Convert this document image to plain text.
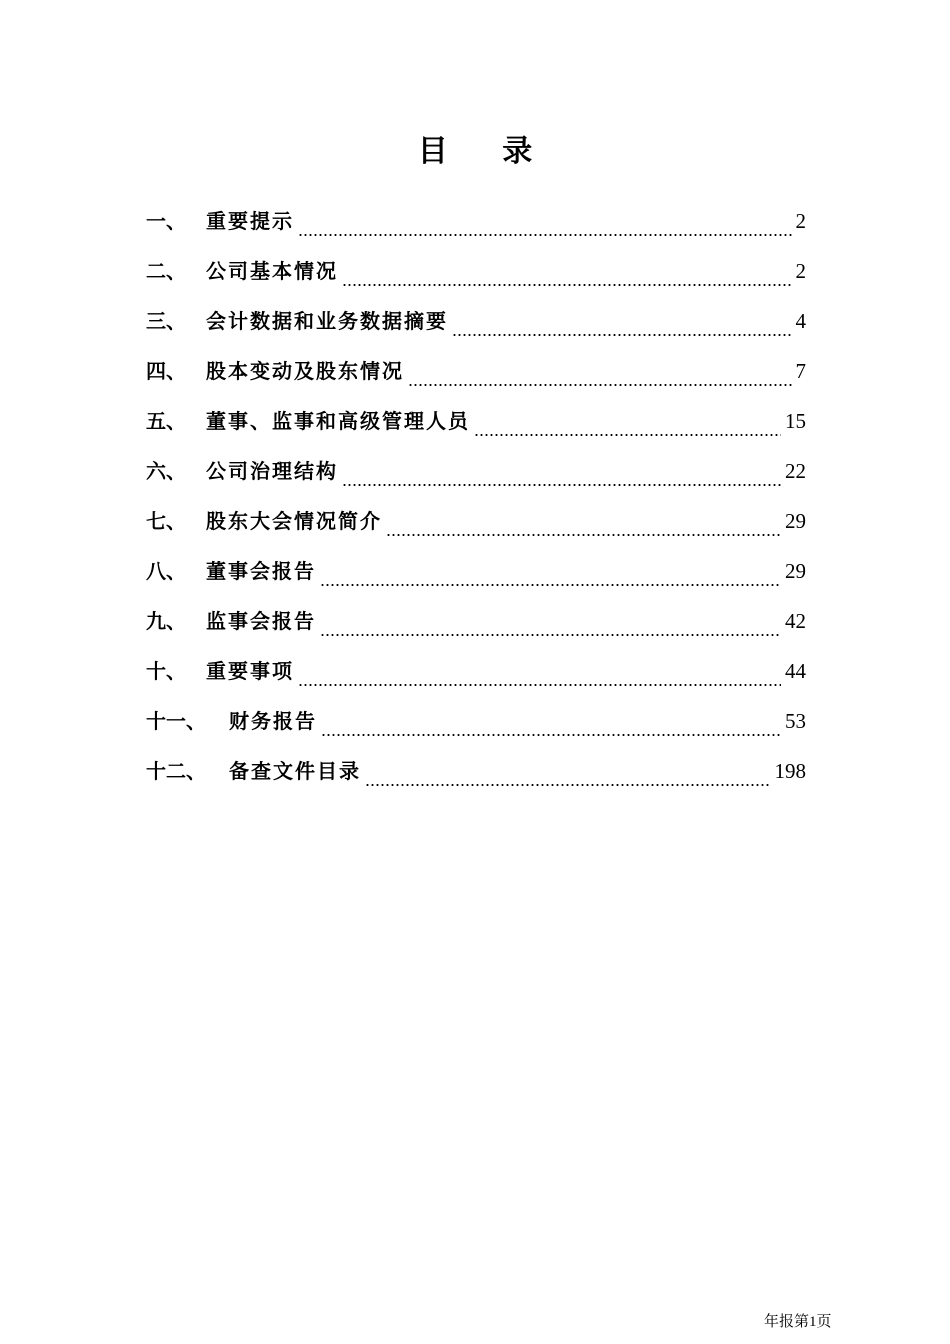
目 录
一、	重要提示	2
二、	公司基本情况	2
三、	会计数据和业务数据摘要	4
四、	股本变动及股东情况	7
五、	董事、监事和高级管理人员	15
六、	公司治理结构	22
七、	股东大会情况简介	29
八、	董事会报告	29
九、	监事会报告	42
十、	重要事项	44
十一、	财务报告	53
十二、	备查文件目录	198
年报第1页
